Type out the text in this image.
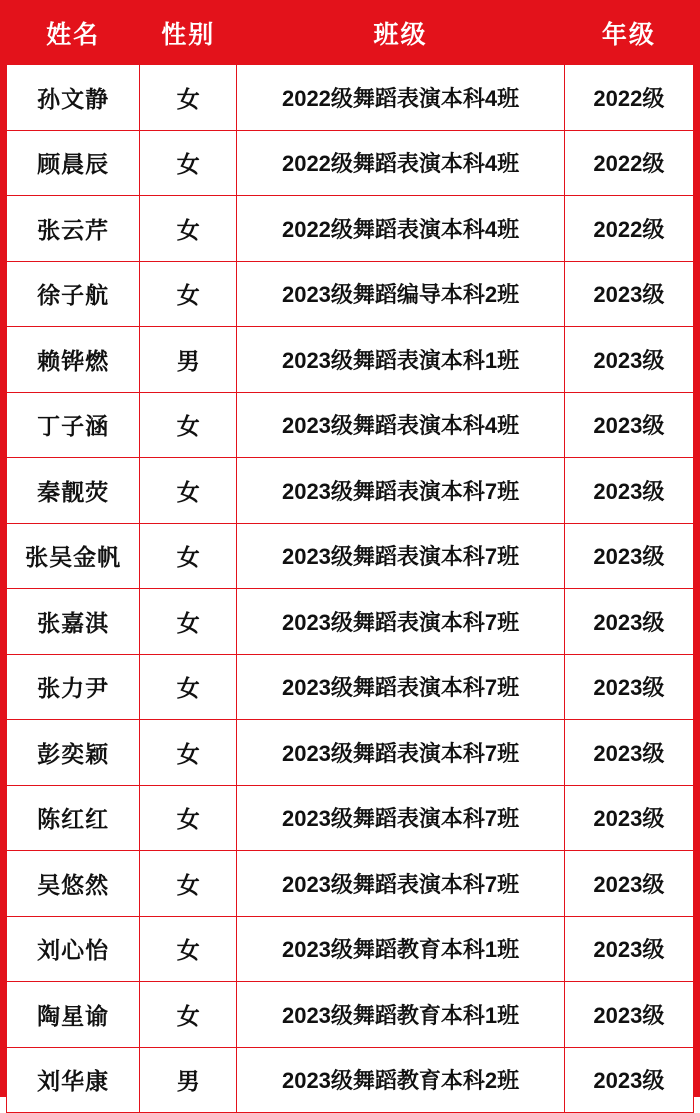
姓名	性别	班级	年级
孙文静	女	2022级舞蹈表演本科4班	2022级
顾晨辰	女	2022级舞蹈表演本科4班	2022级
张云芹	女	2022级舞蹈表演本科4班	2022级
徐子航	女	2023级舞蹈编导本科2班	2023级
赖铧燃	男	2023级舞蹈表演本科1班	2023级
丁子涵	女	2023级舞蹈表演本科4班	2023级
秦靓荧	女	2023级舞蹈表演本科7班	2023级
张吴金帆	女	2023级舞蹈表演本科7班	2023级
张嘉淇	女	2023级舞蹈表演本科7班	2023级
张力尹	女	2023级舞蹈表演本科7班	2023级
彭奕颖	女	2023级舞蹈表演本科7班	2023级
陈红红	女	2023级舞蹈表演本科7班	2023级
吴悠然	女	2023级舞蹈表演本科7班	2023级
刘心怡	女	2023级舞蹈教育本科1班	2023级
陶星谕	女	2023级舞蹈教育本科1班	2023级
刘华康	男	2023级舞蹈教育本科2班	2023级
